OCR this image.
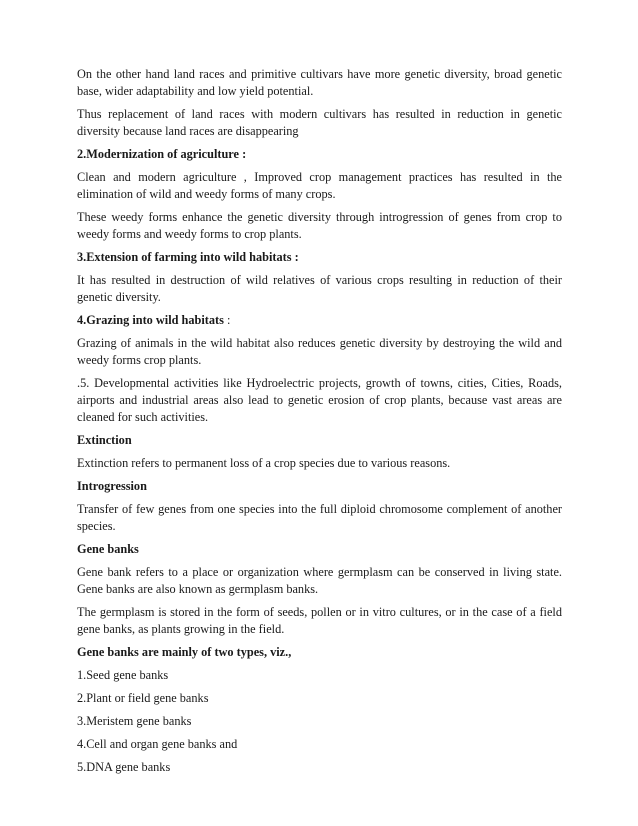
On the other hand land races and primitive cultivars have more genetic diversity, broad genetic base, wider adaptability and low yield potential.

Thus replacement of land races with modern cultivars has resulted in reduction in genetic diversity because land races are disappearing

2.Modernization of agriculture :

Clean and modern agriculture , Improved crop management practices has resulted in the elimination of wild and weedy forms of many crops.

These weedy forms enhance the genetic diversity through introgression of genes from crop to weedy forms and weedy forms to crop plants.

3.Extension of farming into wild habitats :

It has resulted in destruction of wild relatives of various crops resulting in reduction of their genetic diversity.

4.Grazing into wild habitats :

Grazing of animals in the wild habitat also reduces genetic diversity by destroying the wild and weedy forms crop plants.

.5. Developmental activities like Hydroelectric projects, growth of towns, cities, Cities, Roads, airports and industrial areas also lead to genetic erosion of crop plants, because vast areas are cleaned for such activities.

Extinction

Extinction refers to permanent loss of a crop species due to various reasons.

Introgression

Transfer of few genes from one species into the full diploid chromosome complement of another species.

Gene banks

Gene bank refers to a place or organization where germplasm can be conserved in living state. Gene banks are also known as germplasm banks.

The germplasm is stored in the form of seeds, pollen or in vitro cultures, or in the case of a field gene banks, as plants growing in the field.

Gene banks are mainly of two types, viz.,

1.Seed gene banks

2.Plant or field gene banks

3.Meristem gene banks

4.Cell and organ gene banks and

5.DNA gene banks
